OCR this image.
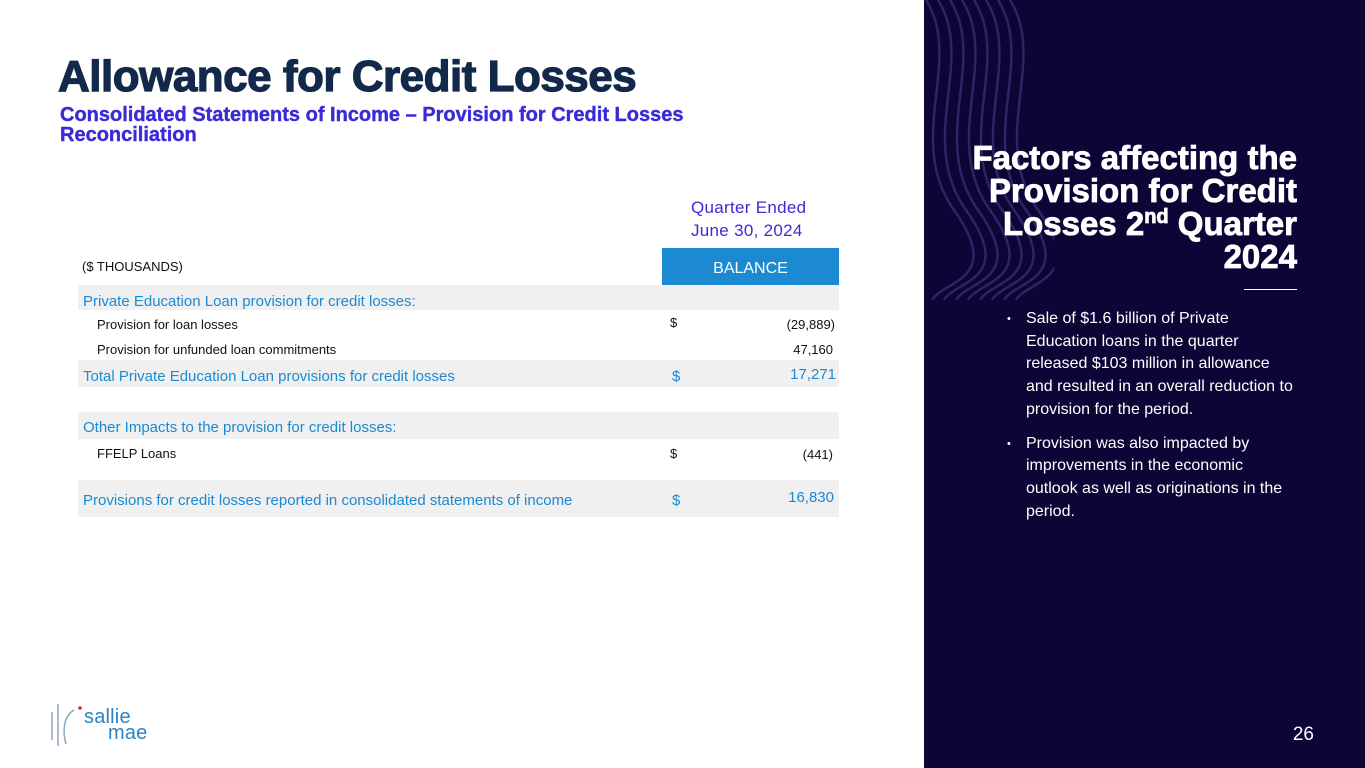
Allowance for Credit Losses
Consolidated Statements of Income – Provision for Credit Losses Reconciliation
Quarter Ended
June 30, 2024
($ THOUSANDS)	BALANCE
Private Education Loan provision for credit losses:
Provision for loan losses	$	(29,889)
Provision for unfunded loan commitments	47,160
Total Private Education Loan provisions for credit losses	$	17,271
Other Impacts to the provision for credit losses:
FFELP Loans	$	(441)
Provisions for credit losses reported in consolidated statements of income	$	16,830
sallie
mae
Factors affecting the Provision for Credit Losses 2nd Quarter 2024
• Sale of $1.6 billion of Private Education loans in the quarter released $103 million in allowance and resulted in an overall reduction to provision for the period.
• Provision was also impacted by improvements in the economic outlook as well as originations in the period.
26
